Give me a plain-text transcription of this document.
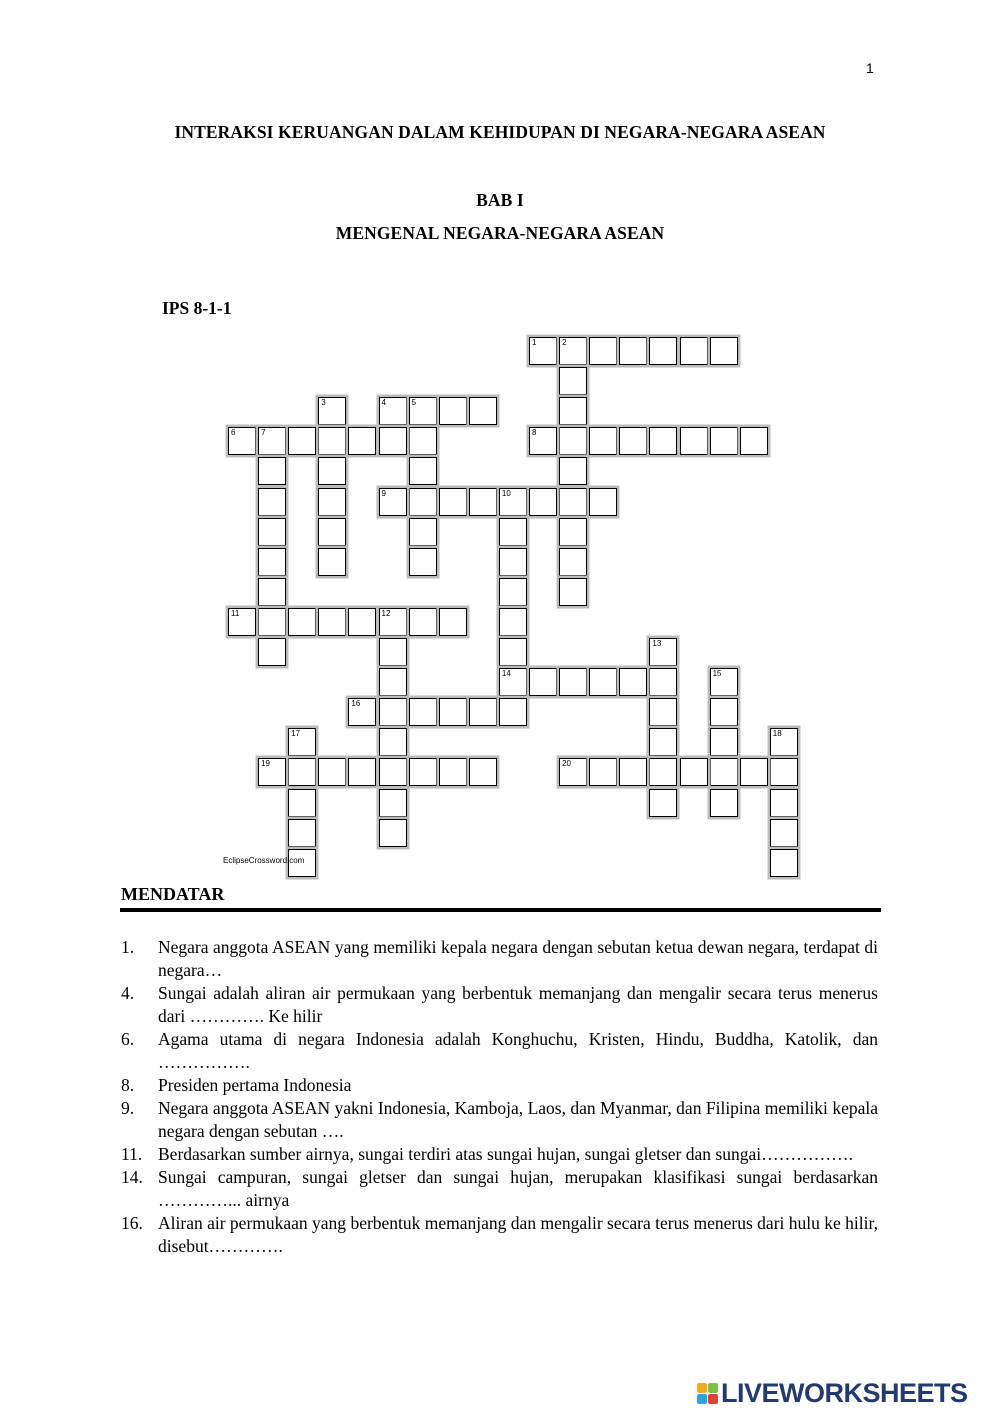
1
INTERAKSI KERUANGAN DALAM KEHIDUPAN DI NEGARA-NEGARA ASEAN
BAB I
MENGENAL NEGARA-NEGARA ASEAN
IPS 8-1-1
1	2
3	4	5
6	7	8
9	10
11	12
13
14	15
16
17	18
19	20
EclipseCrossword.com
MENDATAR
1.	Negara anggota ASEAN yang memiliki kepala negara dengan sebutan ketua dewan negara, terdapat di negara…
4.	Sungai adalah aliran air permukaan yang berbentuk memanjang dan mengalir secara terus menerus dari …………. Ke hilir
6.	Agama utama di negara Indonesia adalah Konghuchu, Kristen, Hindu, Buddha, Katolik, dan …………….
8.	Presiden pertama Indonesia
9.	Negara anggota ASEAN yakni Indonesia, Kamboja, Laos, dan Myanmar, dan Filipina memiliki kepala negara dengan sebutan ….
11. Berdasarkan sumber airnya, sungai terdiri atas sungai hujan, sungai gletser dan sungai…………….
14. Sungai campuran, sungai gletser dan sungai hujan, merupakan klasifikasi sungai berdasarkan …………... airnya
16. Aliran air permukaan yang berbentuk memanjang dan mengalir secara terus menerus dari hulu ke hilir, disebut………….
LIVEWORKSHEETS
